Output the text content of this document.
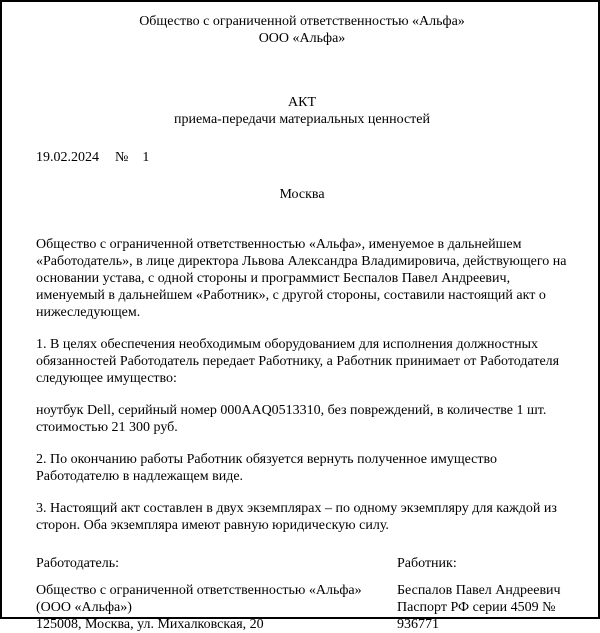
Общество с ограниченной ответственностью «Альфа»
ООО «Альфа»
АКТ
приема-передачи материальных ценностей
19.02.2024 № 1
Москва

Общество с ограниченной ответственностью «Альфа», именуемое в дальнейшем «Работодатель», в лице директора Львова Александра Владимировича, действующего на основании устава, с одной стороны и программист Беспалов Павел Андреевич, именуемый в дальнейшем «Работник», с другой стороны, составили настоящий акт о нижеследующем.

1. В целях обеспечения необходимым оборудованием для исполнения должностных обязанностей Работодатель передает Работнику, а Работник принимает от Работодателя следующее имущество:

ноутбук Dell, серийный номер 000AAQ0513310, без повреждений, в количестве 1 шт. стоимостью 21 300 руб.

2. По окончанию работы Работник обязуется вернуть полученное имущество Работодателю в надлежащем виде.

3. Настоящий акт составлен в двух экземплярах – по одному экземпляру для каждой из сторон. Оба экземпляра имеют равную юридическую силу.

Работодатель:
Общество с ограниченной ответственностью «Альфа»
(ООО «Альфа»)
125008, Москва, ул. Михалковская, 20
Работник:
Беспалов Павел Андреевич
Паспорт РФ серии 4509 №
936771
